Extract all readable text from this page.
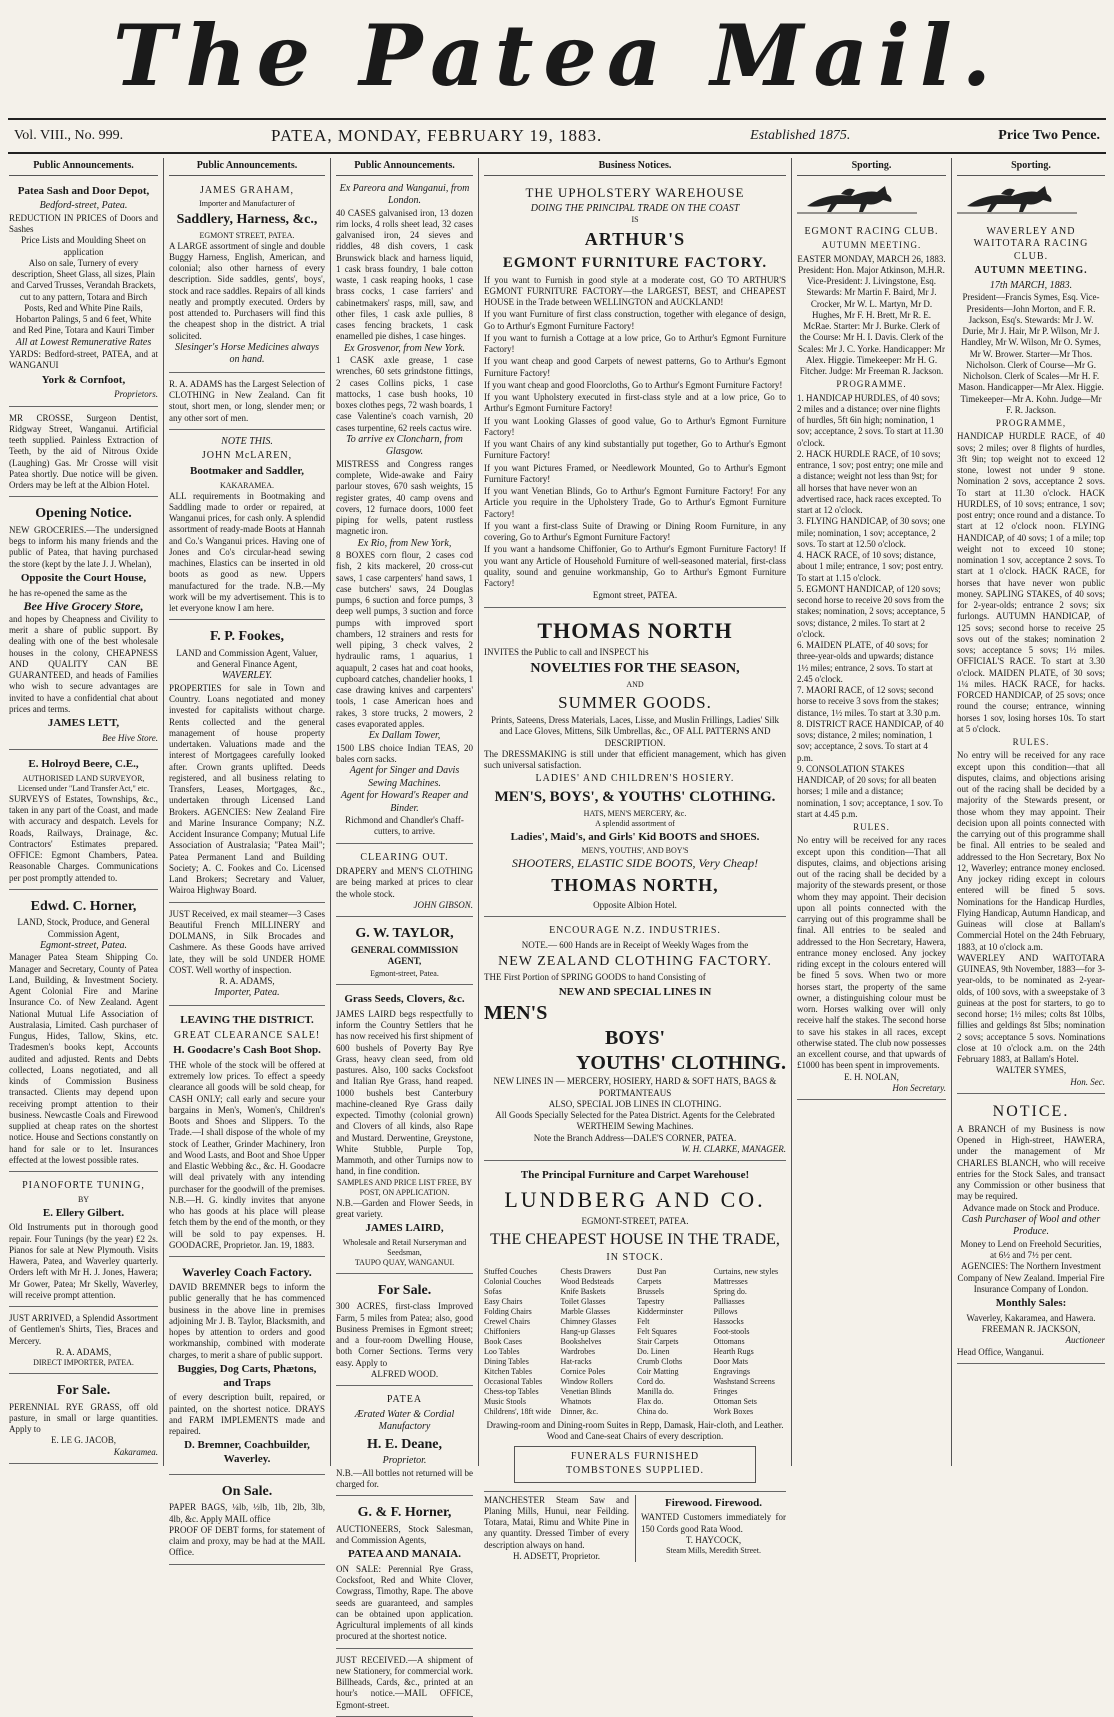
The Patea Mail.
Vol. VIII., No. 999.	PATEA, MONDAY, FEBRUARY 19, 1883.	Established 1875.	Price Two Pence.
Public Announcements.
Patea Sash and Door Depot,
Bedford-street, Patea.
REDUCTION IN PRICES of Doors and Sashes
Price Lists and Moulding Sheet on application
Also on sale, Turnery of every description, Sheet Glass, all sizes, Plain and Carved Trusses, Verandah Brackets, cut to any pattern, Totara and Birch Posts, Red and White Pine Rails, Hobarton Palings, 5 and 6 feet, White and Red Pine, Totara and Kauri Timber
All at Lowest Remunerative Rates
YARDS: Bedford-street, PATEA, and at WANGANUI
York & Cornfoot,
Proprietors.
MR CROSSE, Surgeon Dentist, Ridgway Street, Wanganui. Artificial teeth supplied. Painless Extraction of Teeth, by the aid of Nitrous Oxide (Laughing) Gas. Mr Crosse will visit Patea shortly. Due notice will be given. Orders may be left at the Albion Hotel.
Opening Notice.
NEW GROCERIES.—The undersigned begs to inform his many friends and the public of Patea, that having purchased the store (kept by the late J. J. Whelan),
Opposite the Court House,
he has re-opened the same as the
Bee Hive Grocery Store,
and hopes by Cheapness and Civility to merit a share of public support. By dealing with one of the best wholesale houses in the colony, CHEAPNESS AND QUALITY CAN BE GUARANTEED, and heads of Families who wish to secure advantages are invited to have a confidential chat about prices and terms.
JAMES LETT,
Bee Hive Store.
E. Holroyd Beere, C.E.,
AUTHORISED LAND SURVEYOR, Licensed under "Land Transfer Act," etc.
SURVEYS of Estates, Townships, &c., taken in any part of the Coast, and made with accuracy and despatch. Levels for Roads, Railways, Drainage, &c. Contractors' Estimates prepared. OFFICE: Egmont Chambers, Patea. Reasonable Charges. Communications per post promptly attended to.
Edwd. C. Horner,
LAND, Stock, Produce, and General Commission Agent,
Egmont-street, Patea.
Manager Patea Steam Shipping Co. Manager and Secretary, County of Patea Land, Building, & Investment Society. Agent Colonial Fire and Marine Insurance Co. of New Zealand. Agent National Mutual Life Association of Australasia, Limited. Cash purchaser of Fungus, Hides, Tallow, Skins, etc. Tradesmen's books kept, Accounts audited and adjusted. Rents and Debts collected, Loans negotiated, and all kinds of Commission Business transacted. Clients may depend upon receiving prompt attention to their business. Newcastle Coals and Firewood supplied at cheap rates on the shortest notice. House and Sections constantly on hand for sale or to let. Insurances effected at the lowest possible rates.
PIANOFORTE TUNING,
BY
E. Ellery Gilbert.
Old Instruments put in thorough good repair. Four Tunings (by the year) £2 2s. Pianos for sale at New Plymouth. Visits Hawera, Patea, and Waverley quarterly. Orders left with Mr H. J. Jones, Hawera; Mr Gower, Patea; Mr Skelly, Waverley, will receive prompt attention.
JUST ARRIVED, a Splendid Assortment of Gentlemen's Shirts, Ties, Braces and Mercery.
R. A. ADAMS,
DIRECT IMPORTER, PATEA.
For Sale.
PERENNIAL RYE GRASS, off old pasture, in small or large quantities. Apply to
E. LE G. JACOB,
Kakaramea.
Public Announcements.
JAMES GRAHAM,
Importer and Manufacturer of
Saddlery, Harness, &c.,
EGMONT STREET, PATEA.
A LARGE assortment of single and double Buggy Harness, English, American, and colonial; also other harness of every description. Side saddles, gents', boys', stock and race saddles. Repairs of all kinds neatly and promptly executed. Orders by post attended to. Purchasers will find this the cheapest shop in the district. A trial solicited.
Slesinger's Horse Medicines always on hand.
R. A. ADAMS has the Largest Selection of CLOTHING in New Zealand. Can fit stout, short men, or long, slender men; or any other sort of men.
NOTE THIS.
JOHN McLAREN,
Bootmaker and Saddler,
KAKARAMEA.
ALL requirements in Bootmaking and Saddling made to order or repaired, at Wanganui prices, for cash only. A splendid assortment of ready-made Boots at Hannah and Co.'s Wanganui prices. Having one of Jones and Co's circular-head sewing machines, Elastics can be inserted in old boots as good as new. Uppers manufactured for the trade. N.B.—My work will be my advertisement. This is to let everyone know I am here.
F. P. Fookes,
LAND and Commission Agent, Valuer, and General Finance Agent,
WAVERLEY.
PROPERTIES for sale in Town and Country. Loans negotiated and money invested for capitalists without charge. Rents collected and the general management of house property undertaken. Valuations made and the interest of Mortgagees carefully looked after. Crown grants uplifted. Deeds registered, and all business relating to Transfers, Leases, Mortgages, &c., undertaken through Licensed Land Brokers. AGENCIES: New Zealand Fire and Marine Insurance Company; N.Z. Accident Insurance Company; Mutual Life Association of Australasia; "Patea Mail"; Patea Permanent Land and Building Society; A. C. Fookes and Co. Licensed Land Brokers; Secretary and Valuer, Wairoa Highway Board.
JUST Received, ex mail steamer—3 Cases Beautiful French MILLINERY and DOLMANS, in Silk Brocades and Cashmere. As these Goods have arrived late, they will be sold UNDER HOME COST. Well worthy of inspection.
R. A. ADAMS,
Importer, Patea.
LEAVING THE DISTRICT.
GREAT CLEARANCE SALE!
H. Goodacre's Cash Boot Shop.
THE whole of the stock will be offered at extremely low prices. To effect a speedy clearance all goods will be sold cheap, for CASH ONLY; call early and secure your bargains in Men's, Women's, Children's Boots and Shoes and Slippers. To the Trade.—I shall dispose of the whole of my stock of Leather, Grinder Machinery, Iron and Wood Lasts, and Boot and Shoe Upper and Elastic Webbing &c., &c. H. Goodacre will deal privately with any intending purchaser for the goodwill of the premises. N.B.—H. G. kindly invites that anyone who has goods at his place will please fetch them by the end of the month, or they will be sold to pay expenses. H. GOODACRE, Proprietor. Jan. 19, 1883.
Waverley Coach Factory.
DAVID BREMNER begs to inform the public generally that he has commenced business in the above line in premises adjoining Mr J. B. Taylor, Blacksmith, and hopes by attention to orders and good workmanship, combined with moderate charges, to merit a share of public support.
Buggies, Dog Carts, Phætons, and Traps
of every description built, repaired, or painted, on the shortest notice. DRAYS and FARM IMPLEMENTS made and repaired.
D. Bremner, Coachbuilder, Waverley.
On Sale.
PAPER BAGS, ¼lb, ½lb, 1lb, 2lb, 3lb, 4lb, &c. Apply MAIL office
PROOF OF DEBT forms, for statement of claim and proxy, may be had at the MAIL Office.
Public Announcements.
Ex Pareora and Wanganui, from London.
40 CASES galvanised iron, 13 dozen rim locks, 4 rolls sheet lead, 32 cases galvanised iron, 24 sieves and riddles, 48 dish covers, 1 cask Brunswick black and harness liquid, 1 cask brass foundry, 1 bale cotton waste, 1 cask reaping hooks, 1 case brass cocks, 1 case farriers' and cabinetmakers' rasps, mill, saw, and other files, 1 cask axle pullies, 8 cases fencing brackets, 1 cask enamelled pie dishes, 1 case hinges.
Ex Grosvenor, from New York.
1 CASK axle grease, 1 case wrenches, 60 sets grindstone fittings, 2 cases Collins picks, 1 case mattocks, 1 case bush hooks, 10 boxes clothes pegs, 72 wash boards, 1 case Valentine's coach varnish, 20 cases turpentine, 62 reels cactus wire.
To arrive ex Cloncharn, from Glasgow.
MISTRESS and Congress ranges complete, Wide-awake and Fairy parlour stoves, 670 sash weights, 15 register grates, 40 camp ovens and covers, 12 furnace doors, 1000 feet piping for wells, patent rustless magnetic iron.
Ex Rio, from New York,
8 BOXES corn flour, 2 cases cod fish, 2 kits mackerel, 20 cross-cut saws, 1 case carpenters' hand saws, 1 case butchers' saws, 24 Douglas pumps, 6 suction and force pumps, 3 deep well pumps, 3 suction and force pumps with improved sport chambers, 12 strainers and rests for well piping, 3 check valves, 2 hydraulic rams, 1 aquarius, 1 aquapult, 2 cases hat and coat hooks, cupboard catches, chandelier hooks, 1 case drawing knives and carpenters' tools, 1 case American hoes and rakes, 3 store trucks, 2 mowers, 2 cases evaporated apples.
Ex Dallam Tower,
1500 LBS choice Indian TEAS, 20 bales corn sacks.
Agent for Singer and Davis Sewing Machines.
Agent for Howard's Reaper and Binder.
Richmond and Chandler's Chaff-cutters, to arrive.
CLEARING OUT.
DRAPERY and MEN'S CLOTHING are being marked at prices to clear the whole stock.
JOHN GIBSON.
G. W. TAYLOR,
GENERAL COMMISSION AGENT,
Egmont-street, Patea.
Grass Seeds, Clovers, &c.
JAMES LAIRD begs respectfully to inform the Country Settlers that he has now received his first shipment of 600 bushels of Poverty Bay Rye Grass, heavy clean seed, from old pastures. Also, 100 sacks Cocksfoot and Italian Rye Grass, hand reaped. 1000 bushels best Canterbury machine-cleaned Rye Grass daily expected. Timothy (colonial grown) and Clovers of all kinds, also Rape and Mustard. Derwentine, Greystone, White Stubble, Purple Top, Mammoth, and other Turnips now to hand, in fine condition.
SAMPLES AND PRICE LIST FREE, BY POST, ON APPLICATION.
N.B.—Garden and Flower Seeds, in great variety.
JAMES LAIRD,
Wholesale and Retail Nurseryman and Seedsman,
TAUPO QUAY, WANGANUI.
For Sale.
300 ACRES, first-class Improved Farm, 5 miles from Patea; also, good Business Premises in Egmont street; and a four-room Dwelling House, both Corner Sections. Terms very easy. Apply to
ALFRED WOOD.
PATEA
Ærated Water & Cordial Manufactory
H. E. Deane,
Proprietor.
N.B.—All bottles not returned will be charged for.
G. & F. Horner,
AUCTIONEERS, Stock Salesman, and Commission Agents,
PATEA AND MANAIA.
ON SALE: Perennial Rye Grass, Cocksfoot, Red and White Clover, Cowgrass, Timothy, Rape. The above seeds are guaranteed, and samples can be obtained upon application. Agricultural implements of all kinds procured at the shortest notice.
JUST RECEIVED.—A shipment of new Stationery, for commercial work. Billheads, Cards, &c., printed at an hour's notice.—MAIL OFFICE, Egmont-street.
Business Notices.
THE UPHOLSTERY WAREHOUSE
DOING THE PRINCIPAL TRADE ON THE COAST
IS
ARTHUR'S
EGMONT FURNITURE FACTORY.

If you want to Furnish in good style at a moderate cost, GO TO ARTHUR'S EGMONT FURNITURE FACTORY—the LARGEST, BEST, and CHEAPEST HOUSE in the Trade between WELLINGTON and AUCKLAND!

If you want Furniture of first class construction, together with elegance of design, Go to Arthur's Egmont Furniture Factory!

If you want to furnish a Cottage at a low price, Go to Arthur's Egmont Furniture Factory!

If you want cheap and good Carpets of newest patterns, Go to Arthur's Egmont Furniture Factory!

If you want cheap and good Floorcloths, Go to Arthur's Egmont Furniture Factory!

If you want Upholstery executed in first-class style and at a low price, Go to Arthur's Egmont Furniture Factory!

If you want Looking Glasses of good value, Go to Arthur's Egmont Furniture Factory!

If you want Chairs of any kind substantially put together, Go to Arthur's Egmont Furniture Factory!

If you want Pictures Framed, or Needlework Mounted, Go to Arthur's Egmont Furniture Factory!

If you want Venetian Blinds, Go to Arthur's Egmont Furniture Factory! For any Article you require in the Upholstery Trade, Go to Arthur's Egmont Furniture Factory!

If you want a first-class Suite of Drawing or Dining Room Furniture, in any covering, Go to Arthur's Egmont Furniture Factory!

If you want a handsome Chiffonier, Go to Arthur's Egmont Furniture Factory! If you want any Article of Household Furniture of well-seasoned material, first-class quality, sound and genuine workmanship, Go to Arthur's Egmont Furniture Factory!

Egmont street, PATEA.
THOMAS NORTH
INVITES the Public to call and INSPECT his
NOVELTIES FOR THE SEASON,
AND
SUMMER GOODS.
Prints, Sateens, Dress Materials, Laces, Lisse, and Muslin Frillings, Ladies' Silk and Lace Gloves, Mittens, Silk Umbrellas, &c., OF ALL PATTERNS AND DESCRIPTION.
The DRESSMAKING is still under that efficient management, which has given such universal satisfaction.
LADIES' AND CHILDREN'S HOSIERY.
MEN'S, BOYS', & YOUTHS' CLOTHING.
HATS, MEN'S MERCERY, &c.
A splendid assortment of
Ladies', Maid's, and Girls' Kid BOOTS and SHOES.
MEN'S, YOUTHS', AND BOY'S
SHOOTERS, ELASTIC SIDE BOOTS, Very Cheap!
THOMAS NORTH,
Opposite Albion Hotel.
ENCOURAGE N.Z. INDUSTRIES.
NOTE.— 600 Hands are in Receipt of Weekly Wages from the
NEW ZEALAND CLOTHING FACTORY.
THE First Portion of SPRING GOODS to hand Consisting of
NEW AND SPECIAL LINES IN
MEN'S
BOYS'
YOUTHS' CLOTHING.
NEW LINES IN — MERCERY, HOSIERY, HARD & SOFT HATS, BAGS & PORTMANTEAUS
ALSO, SPECIAL JOB LINES IN CLOTHING.
All Goods Specially Selected for the Patea District. Agents for the Celebrated WERTHEIM Sewing Machines.
Note the Branch Address—DALE'S CORNER, PATEA.
W. H. CLARKE, MANAGER.
The Principal Furniture and Carpet Warehouse!
LUNDBERG AND CO.
EGMONT-STREET, PATEA.
THE CHEAPEST HOUSE IN THE TRADE,
IN STOCK.
Stuffed Couches	Chests Drawers	Dust Pan	Curtains, new styles
Colonial Couches	Wood Bedsteads	Carpets	Mattresses
Sofas	Knife Baskets	Brussels	Spring do.
Easy Chairs	Toilet Glasses	Tapestry	Palliasses
Folding Chairs	Marble Glasses	Kidderminster	Pillows
Crewel Chairs	Chimney Glasses	Felt	Hassocks
Chiffoniers	Hang-up Glasses	Felt Squares	Foot-stools
Book Cases	Bookshelves	Stair Carpets	Ottomans
Loo Tables	Wardrobes	Do. Linen	Hearth Rugs
Dining Tables	Hat-racks	Crumb Cloths	Door Mats
Kitchen Tables	Cornice Poles	Coir Matting	Engravings
Occasional Tables	Window Rollers	Cord do.	Washstand Screens
Chess-top Tables	Venetian Blinds	Manilla do.	Fringes
Music Stools	Whatnots	Flax do.	Ottoman Sets
Childrens', 18ft wide	Dinner, &c.	China do.	Work Boxes
Drawing-room and Dining-room Suites in Repp, Damask, Hair-cloth, and Leather. Wood and Cane-seat Chairs of every description.
FUNERALS FURNISHED
TOMBSTONES SUPPLIED.
MANCHESTER Steam Saw and Planing Mills, Hunui, near Feilding. Totara, Matai, Rimu and White Pine in any quantity. Dressed Timber of every description always on hand.
H. ADSETT, Proprietor.
Firewood. Firewood.
WANTED Customers immediately for 150 Cords good Rata Wood.
T. HAYCOCK,
Steam Mills, Meredith Street.
Sporting.
EGMONT RACING CLUB.
AUTUMN MEETING.
EASTER MONDAY, MARCH 26, 1883.
President: Hon. Major Atkinson, M.H.R. Vice-President: J. Livingstone, Esq. Stewards: Mr Martin F. Baird, Mr J. Crocker, Mr W. L. Martyn, Mr D. Hughes, Mr F. H. Brett, Mr R. E. McRae. Starter: Mr J. Burke. Clerk of the Course: Mr H. I. Davis. Clerk of the Scales: Mr J. C. Yorke. Handicapper: Mr Alex. Higgie. Timekeeper: Mr H. G. Fitcher. Judge: Mr Freeman R. Jackson.
PROGRAMME.

1. HANDICAP HURDLES, of 40 sovs; 2 miles and a distance; over nine flights of hurdles, 5ft 6in high; nomination, 1 sov; acceptance, 2 sovs. To start at 11.30 o'clock.

2. HACK HURDLE RACE, of 10 sovs; entrance, 1 sov; post entry; one mile and a distance; weight not less than 9st; for all horses that have never won an advertised race, hack races excepted. To start at 12 o'clock.

3. FLYING HANDICAP, of 30 sovs; one mile; nomination, 1 sov; acceptance, 2 sovs. To start at 12.50 o'clock.

4. HACK RACE, of 10 sovs; distance, about 1 mile; entrance, 1 sov; post entry. To start at 1.15 o'clock.

5. EGMONT HANDICAP, of 120 sovs; second horse to receive 20 sovs from the stakes; nomination, 2 sovs; acceptance, 5 sovs; distance, 2 miles. To start at 2 o'clock.

6. MAIDEN PLATE, of 40 sovs; for three-year-olds and upwards; distance 1½ miles; entrance, 2 sovs. To start at 2.45 o'clock.

7. MAORI RACE, of 12 sovs; second horse to receive 3 sovs from the stakes; distance, 1½ miles. To start at 3.30 p.m.

8. DISTRICT RACE HANDICAP, of 40 sovs; distance, 2 miles; nomination, 1 sov; acceptance, 2 sovs. To start at 4 p.m.

9. CONSOLATION STAKES HANDICAP, of 20 sovs; for all beaten horses; 1 mile and a distance; nomination, 1 sov; acceptance, 1 sov. To start at 4.45 p.m.

RULES.
No entry will be received for any races except upon this condition—That all disputes, claims, and objections arising out of the racing shall be decided by a majority of the stewards present, or those whom they may appoint. Their decision upon all points connected with the carrying out of this programme shall be final. All entries to be sealed and addressed to the Hon Secretary, Hawera, entrance money enclosed. Any jockey riding except in the colours entered will be fined 5 sovs. When two or more horses start, the property of the same owner, a distinguishing colour must be worn. Horses walking over will only receive half the stakes. The second horse to save his stakes in all races, except otherwise stated. The club now possesses an excellent course, and that upwards of £1000 has been spent in improvements.
E. H. NOLAN,
Hon Secretary.
Sporting.
WAVERLEY AND WAITOTARA RACING CLUB.
AUTUMN MEETING.
17th MARCH, 1883.
President—Francis Symes, Esq. Vice-Presidents—John Morton, and F. R. Jackson, Esq's. Stewards: Mr J. W. Durie, Mr J. Hair, Mr P. Wilson, Mr J. Handley, Mr W. Wilson, Mr O. Symes, Mr W. Brower. Starter—Mr Thos. Nicholson. Clerk of Course—Mr G. Nicholson. Clerk of Scales—Mr H. F. Mason. Handicapper—Mr Alex. Higgie. Timekeeper—Mr A. Kohn. Judge—Mr F. R. Jackson.
PROGRAMME,
HANDICAP HURDLE RACE, of 40 sovs; 2 miles; over 8 flights of hurdles, 3ft 9in; top weight not to exceed 12 stone, lowest not under 9 stone. Nomination 2 sovs, acceptance 2 sovs. To start at 11.30 o'clock. HACK HURDLES, of 10 sovs; entrance, 1 sov; post entry; once round and a distance. To start at 12 o'clock noon. FLYING HANDICAP, of 40 sovs; 1 of a mile; top weight not to exceed 10 stone; nomination 1 sov, acceptance 2 sovs. To start at 1 o'clock. HACK RACE, for horses that have never won public money. SAPLING STAKES, of 40 sovs; for 2-year-olds; entrance 2 sovs; six furlongs. AUTUMN HANDICAP, of 125 sovs; second horse to receive 25 sovs out of the stakes; nomination 2 sovs; acceptance 5 sovs; 1½ miles. OFFICIAL'S RACE. To start at 3.30 o'clock. MAIDEN PLATE, of 30 sovs; 1¼ miles. HACK RACE, for hacks. FORCED HANDICAP, of 25 sovs; once round the course; entrance, winning horses 1 sov, losing horses 10s. To start at 5 o'clock.
RULES.
No entry will be received for any race except upon this condition—that all disputes, claims, and objections arising out of the racing shall be decided by a majority of the Stewards present, or those whom they may appoint. Their decision upon all points connected with the carrying out of this programme shall be final. All entries to be sealed and addressed to the Hon Secretary, Box No 12, Waverley; entrance money enclosed. Any jockey riding except in colours entered will be fined 5 sovs. Nominations for the Handicap Hurdles, Flying Handicap, Autumn Handicap, and Guineas will close at Ballam's Commercial Hotel on the 24th February, 1883, at 10 o'clock a.m.
WAVERLEY AND WAITOTARA GUINEAS, 9th November, 1883—for 3-year-olds, to be nominated as 2-year-olds, of 100 sovs, with a sweepstake of 3 guineas at the post for starters, to go to second horse; 1½ miles; colts 8st 10lbs, fillies and geldings 8st 5lbs; nomination 2 sovs; acceptance 5 sovs. Nominations close at 10 o'clock a.m. on the 24th February 1883, at Ballam's Hotel.
WALTER SYMES,
Hon. Sec.
NOTICE.
A BRANCH of my Business is now Opened in High-street, HAWERA, under the management of Mr CHARLES BLANCH, who will receive entries for the Stock Sales, and transact any Commission or other business that may be required.
Advance made on Stock and Produce.
Cash Purchaser of Wool and other Produce.
Money to Lend on Freehold Securities, at 6½ and 7½ per cent.
AGENCIES: The Northern Investment Company of New Zealand. Imperial Fire Insurance Company of London.
Monthly Sales:
Waverley, Kakaramea, and Hawera.
FREEMAN R. JACKSON,
Auctioneer
Head Office, Wanganui.
